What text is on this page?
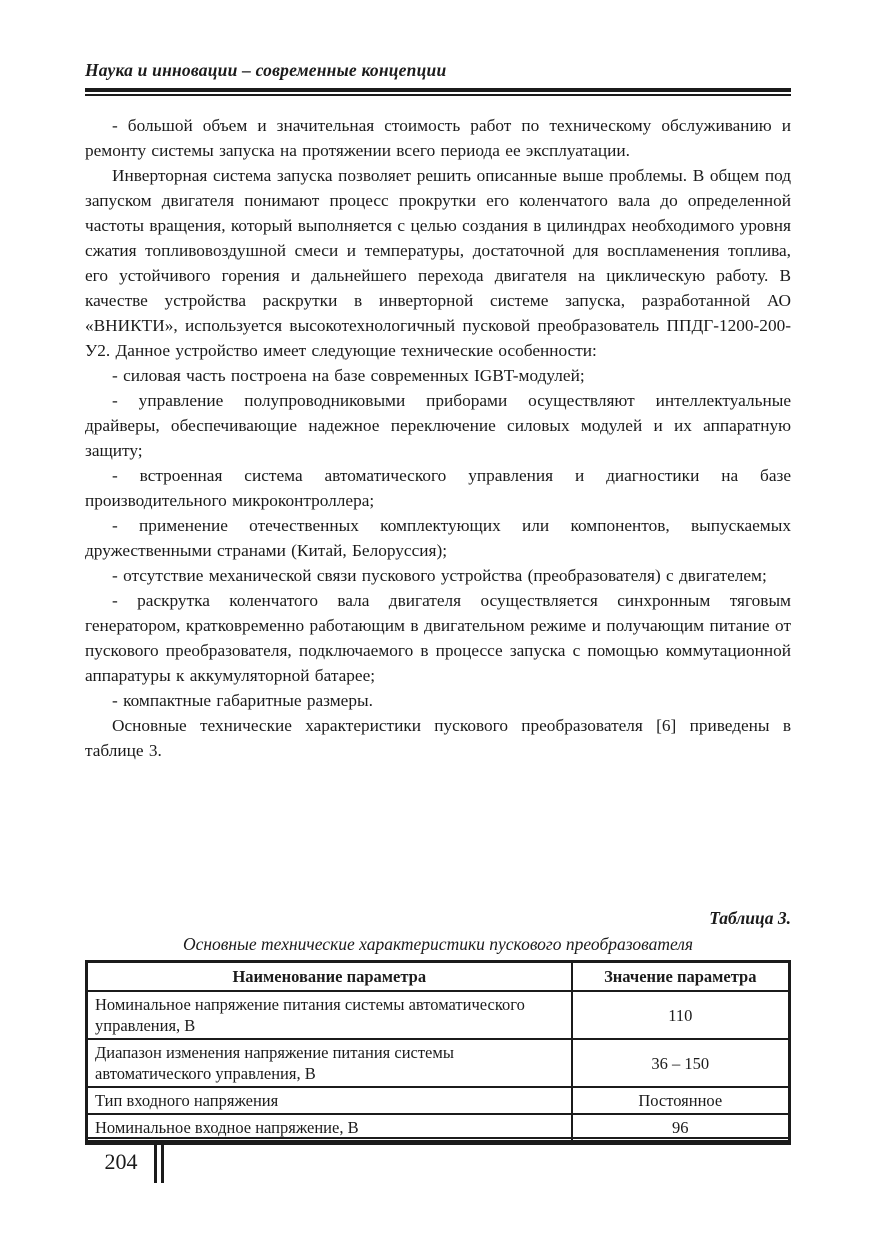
Наука и инновации – современные концепции

- большой объем и значительная стоимость работ по техническому обслуживанию и ремонту системы запуска на протяжении всего периода ее эксплуатации.

Инверторная система запуска позволяет решить описанные выше проблемы. В общем под запуском двигателя понимают процесс прокрутки его коленчатого вала до определенной частоты вращения, который выполняется с целью создания в цилиндрах необходимого уровня сжатия топливовоздушной смеси и температуры, достаточной для воспламенения топлива, его устойчивого горения и дальнейшего перехода двигателя на циклическую работу. В качестве устройства раскрутки в инверторной системе запуска, разработанной АО «ВНИКТИ», используется высокотехнологичный пусковой преобразователь ППДГ-1200-200-У2. Данное устройство имеет следующие технические особенности:

- силовая часть построена на базе современных IGBT-модулей;

- управление полупроводниковыми приборами осуществляют интеллектуальные драйверы, обеспечивающие надежное переключение силовых модулей и их аппаратную защиту;

- встроенная система автоматического управления и диагностики на базе производительного микроконтроллера;

- применение отечественных комплектующих или компонентов, выпускаемых дружественными странами (Китай, Белоруссия);

- отсутствие механической связи пускового устройства (преобразователя) с двигателем;

- раскрутка коленчатого вала двигателя осуществляется синхронным тяговым генератором, кратковременно работающим в двигательном режиме и получающим питание от пускового преобразователя, подключаемого в процессе запуска с помощью коммутационной аппаратуры к аккумуляторной батарее;

- компактные габаритные размеры.

Основные технические характеристики пускового преобразователя [6] приведены в таблице 3.

Таблица 3.
Основные технические характеристики пускового преобразователя
Наименование параметра	Значение параметра
Номинальное напряжение питания системы автоматического управления, В	110
Диапазон изменения напряжение питания системы автоматического управления, В	36 – 150
Тип входного напряжения	Постоянное
Номинальное входное напряжение, В	96
204
